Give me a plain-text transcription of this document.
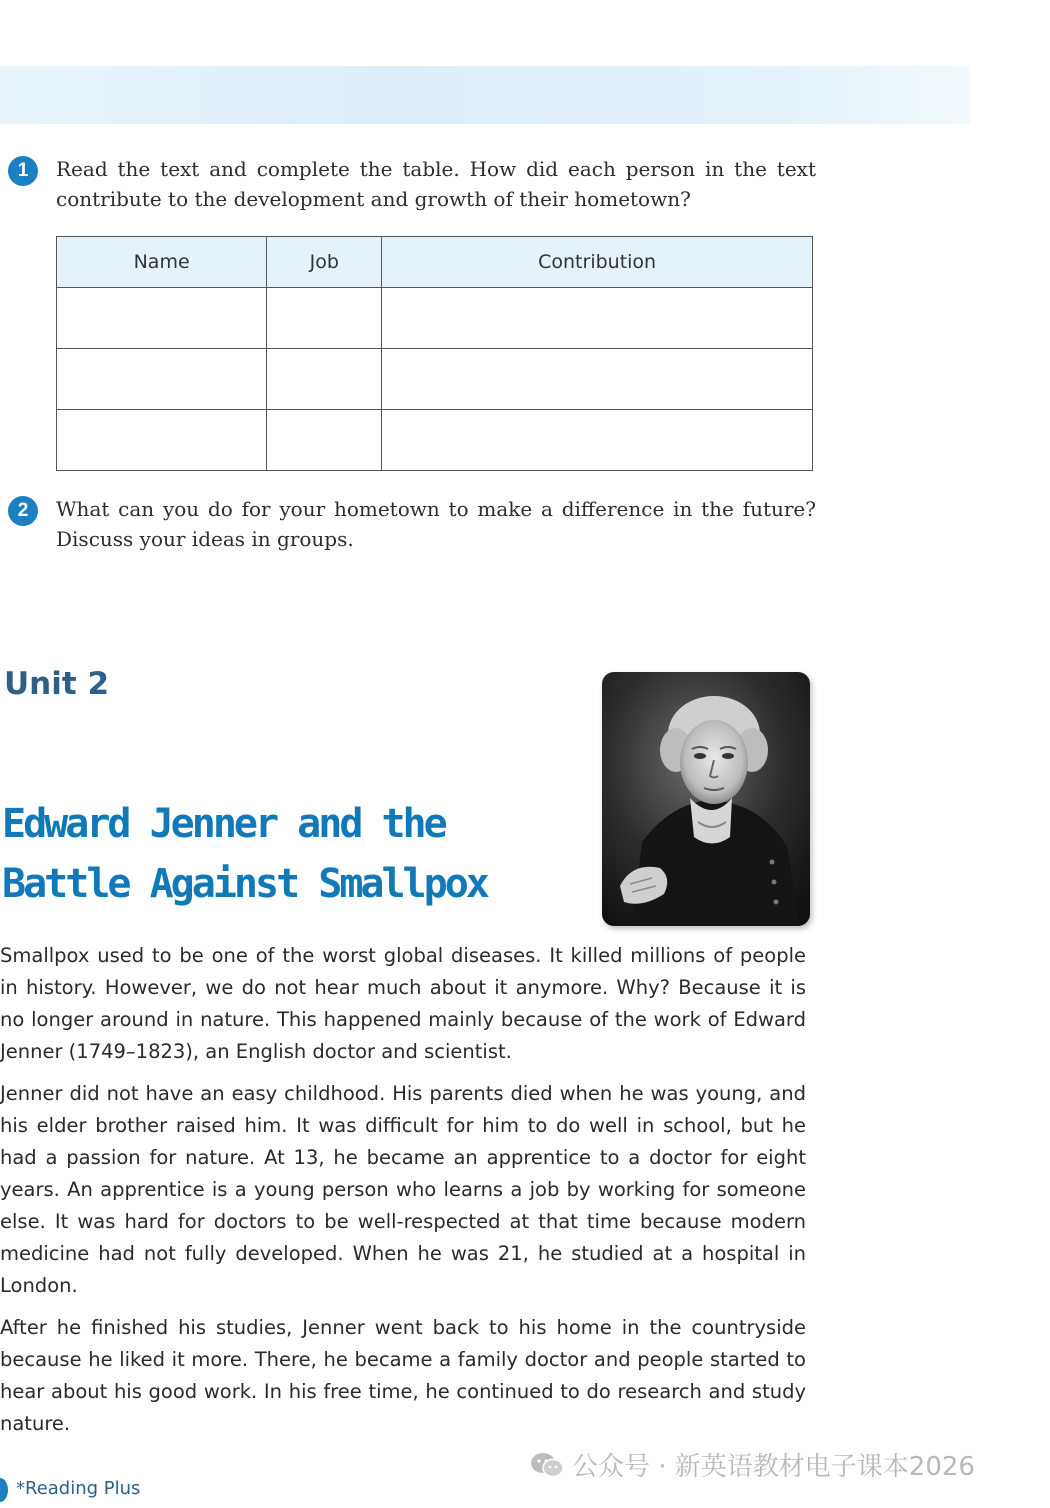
1	Read the text and complete the table. How did each person in the text contribute to the development and growth of their hometown?
Name	Job	Contribution

2	What can you do for your hometown to make a difference in the future? Discuss your ideas in groups.
Unit 2
Edward Jenner and the
Battle Against Smallpox

Smallpox used to be one of the worst global diseases. It killed millions of people in history. However, we do not hear much about it anymore. Why? Because it is no longer around in nature. This happened mainly because of the work of Edward Jenner (1749–1823), an English doctor and scientist.

Jenner did not have an easy childhood. His parents died when he was young, and his elder brother raised him. It was difficult for him to do well in school, but he had a passion for nature. At 13, he became an apprentice to a doctor for eight years. An apprentice is a young person who learns a job by working for someone else. It was hard for doctors to be well-respected at that time because modern medicine had not fully developed. When he was 21, he studied at a hospital in London.

After he finished his studies, Jenner went back to his home in the countryside because he liked it more. There, he became a family doctor and people started to hear about his good work. In his free time, he continued to do research and study nature.

*Reading Plus
公众号 · 新英语教材电子课本2026
